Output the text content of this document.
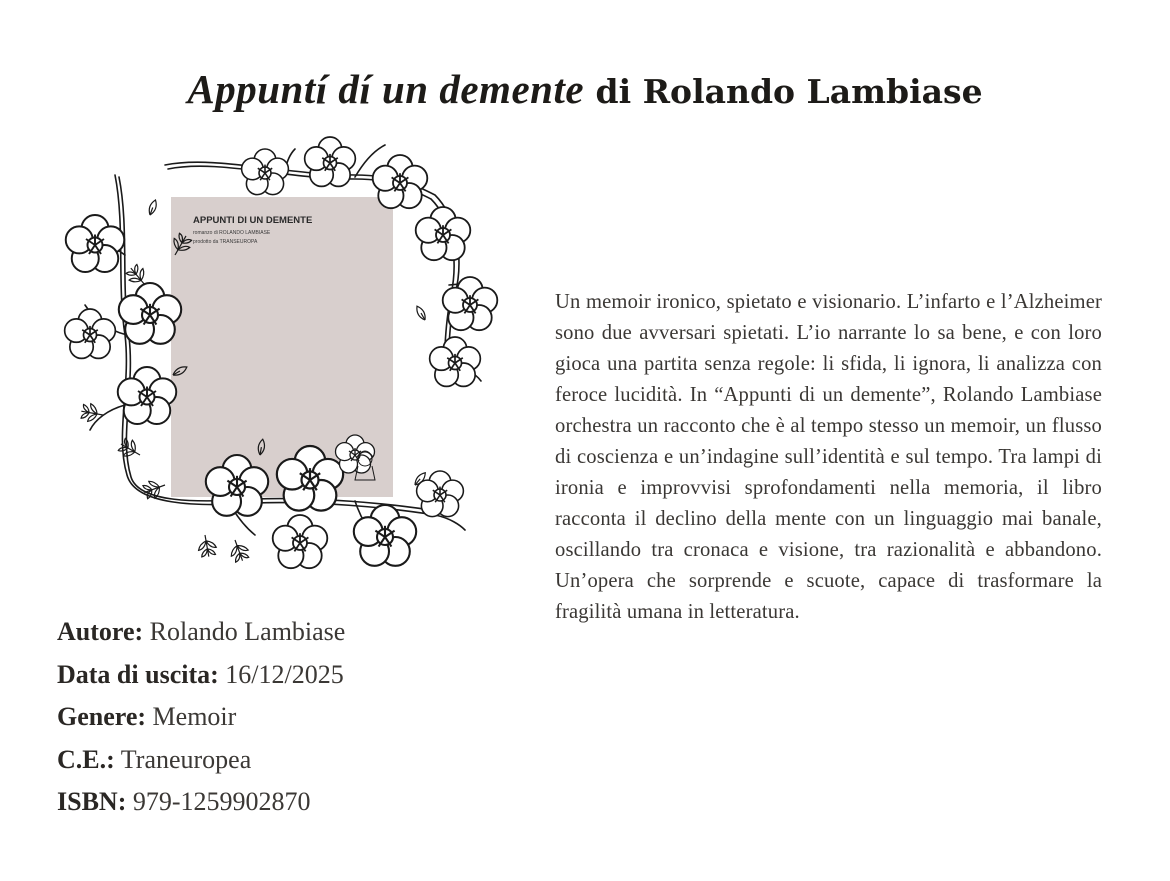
Appuntí dí un demente di Rolando Lambiase
APPUNTI DI UN DEMENTE
romanzo di ROLANDO LAMBIASE
prodotto da TRANSEUROPA
Autore: Rolando Lambiase
Data di uscita: 16/12/2025
Genere: Memoir
C.E.: Traneuropea
ISBN: 979-1259902870

Un memoir ironico, spietato e visionario. L’infarto e l’Alzheimer sono due avversari spietati. L’io narrante lo sa bene, e con loro gioca una partita senza regole: li sfida, li ignora, li analizza con feroce lucidità. In “Appunti di un demente”, Rolando Lambiase orchestra un racconto che è al tempo stesso un memoir, un flusso di coscienza e un’indagine sull’identità e sul tempo. Tra lampi di ironia e improvvisi sprofondamenti nella memoria, il libro racconta il declino della mente con un linguaggio mai banale, oscillando tra cronaca e visione, tra razionalità e abbandono. Un’opera che sorprende e scuote, capace di trasformare la fragilità umana in letteratura.
